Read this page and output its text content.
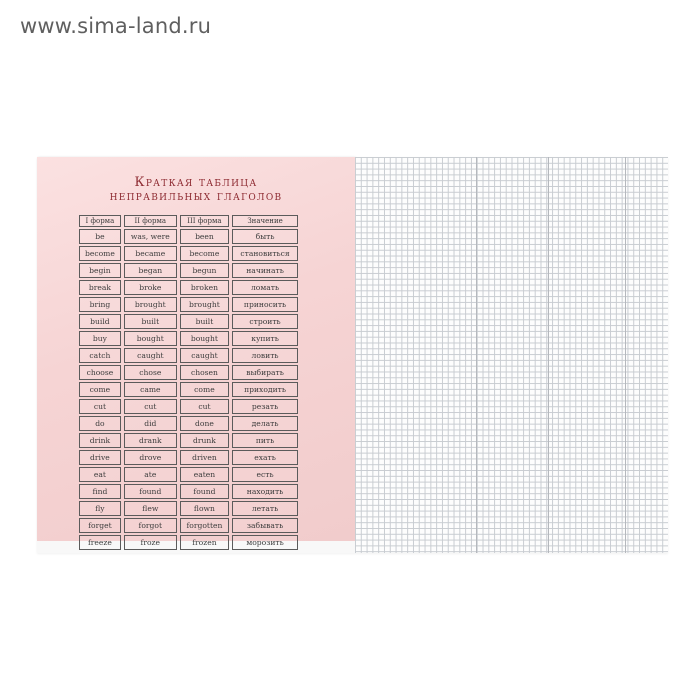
www.sima-land.ru
Краткая таблица
неправильных глаголов
I форма	II форма	III форма	Значение
be	was, were	been	быть
become	became	become	становиться
begin	began	begun	начинать
break	broke	broken	ломать
bring	brought	brought	приносить
build	built	built	строить
buy	bought	bought	купить
catch	caught	caught	ловить
choose	chose	chosen	выбирать
come	came	come	приходить
cut	cut	cut	резать
do	did	done	делать
drink	drank	drunk	пить
drive	drove	driven	ехать
eat	ate	eaten	есть
find	found	found	находить
fly	flew	flown	летать
forget	forgot	forgotten	забывать
freeze	froze	frozen	морозить
